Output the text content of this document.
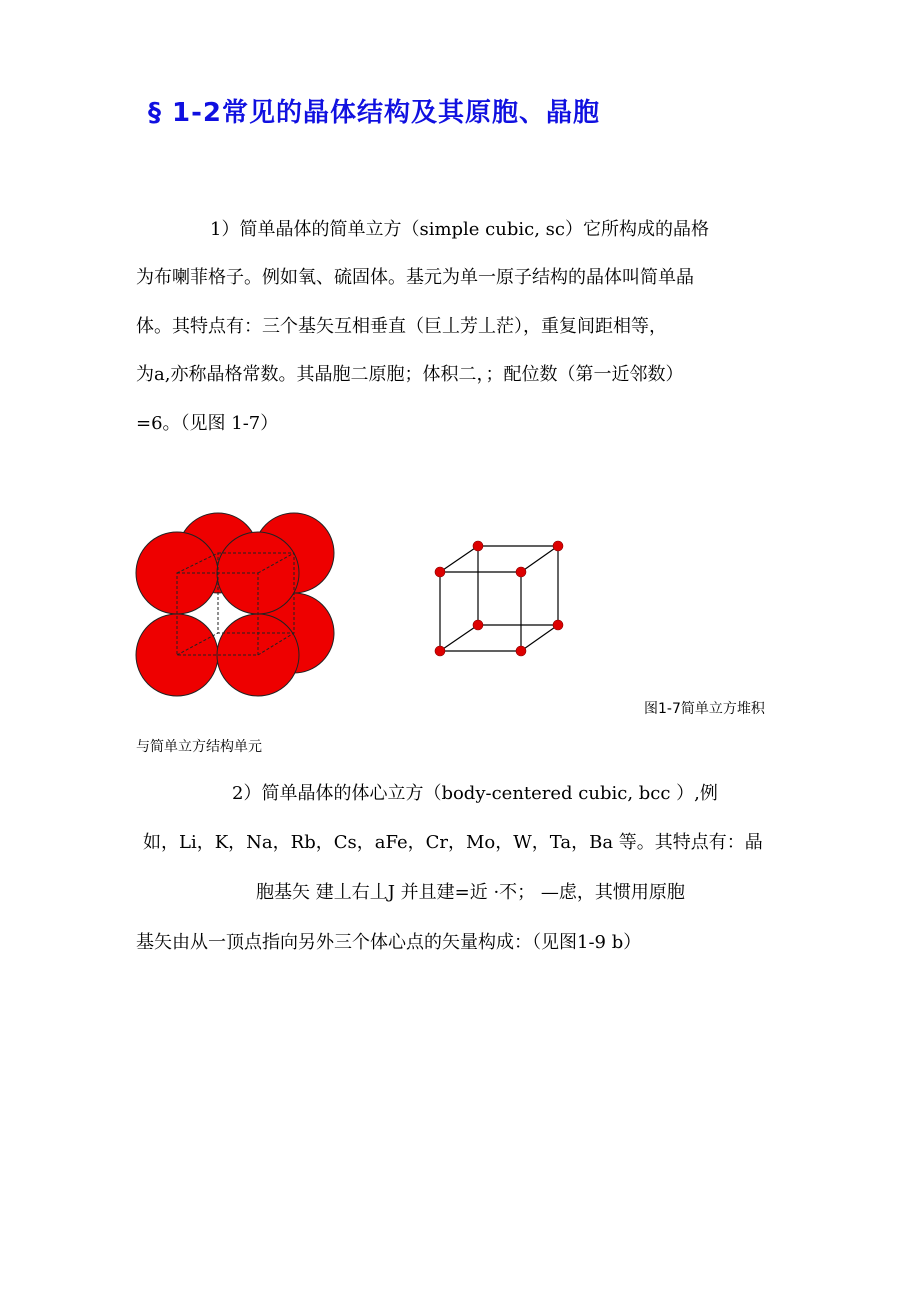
§ 1-2常见的晶体结构及其原胞、晶胞
1）简单晶体的简单立方（simple cubic, sc）它所构成的晶格
为布喇菲格子。例如氧、硫固体。基元为单一原子结构的晶体叫简单晶
体。其特点有：三个基矢互相垂直（巨丄芳丄茫），重复间距相等，
为a,亦称晶格常数。其晶胞二原胞；体积二，；配位数（第一近邻数）
=6。（见图 1-7）
图1-7简单立方堆积
与简单立方结构单元
2）简单晶体的体心立方（body-centered cubic, bcc ）,例
如，Li，K，Na，Rb，Cs，aFe，Cr，Mo，W，Ta，Ba 等。其特点有：晶
胞基矢 建丄右丄J 并且建=近 ·不； —虑，其惯用原胞
基矢由从一顶点指向另外三个体心点的矢量构成：（见图1-9 b）
